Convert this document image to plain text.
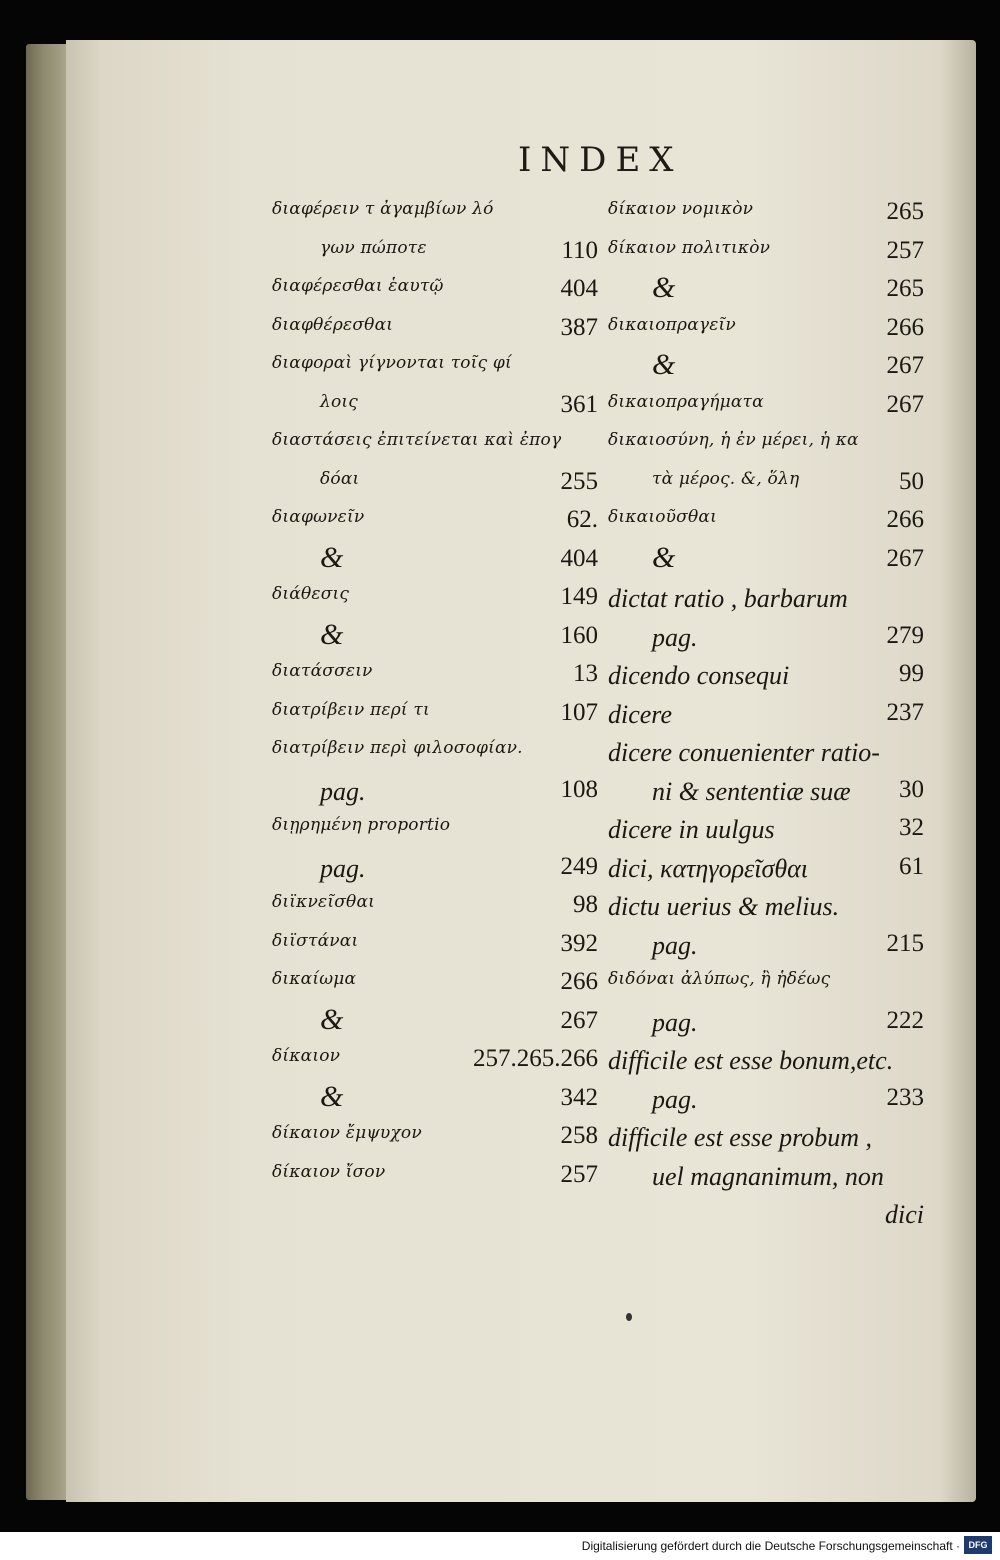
INDEX
διαφέρειν τ ἀγαμβίων λό
γων πώποτε	110
διαφέρεσθαι ἑαυτῷ	404
διαφθέρεσθαι	387
διαφοραὶ γίγνονται τοῖς φί
λοις	361
διαστάσεις ἐπιτείνεται καὶ ἐπογ
δόαι	255
διαφωνεῖν	62.
&	404
διάθεσις	149
&	160
διατάσσειν	13
διατρίβειν περί τι	107
διατρίβειν περὶ φιλοσοφίαν.
pag.	108
διῃρημένη proportio
pag.	249
διϊκνεῖσθαι	98
διϊστάναι	392
δικαίωμα	266
&	267
δίκαιον	257.265.266
&	342
δίκαιον ἔμψυχον	258
δίκαιον ἴσον	257
δίκαιον νομικὸν	265
δίκαιον πολιτικὸν	257
&	265
δικαιοπραγεῖν	266
&	267
δικαιοπραγήματα	267
δικαιοσύνη, ἡ ἐν μέρει, ἡ κα
τὰ μέρος. &, ὅλη	50
δικαιοῦσθαι	266
&	267
dictat ratio , barbarum
pag.	279
dicendo consequi	99
dicere	237
dicere conuenienter ratio-
ni & sententiæ suæ 30
dicere in uulgus	32
dici, κατηγορεῖσθαι	61
dictu uerius & melius.
pag.	215
διδόναι ἀλύπως, ἢ ἡδέως
pag.	222
difficile est esse bonum,etc.
pag.	233
difficile est esse probum ,
uel magnanimum, non
dici
Digitalisierung gefördert durch die Deutsche Forschungsgemeinschaft · DFG
